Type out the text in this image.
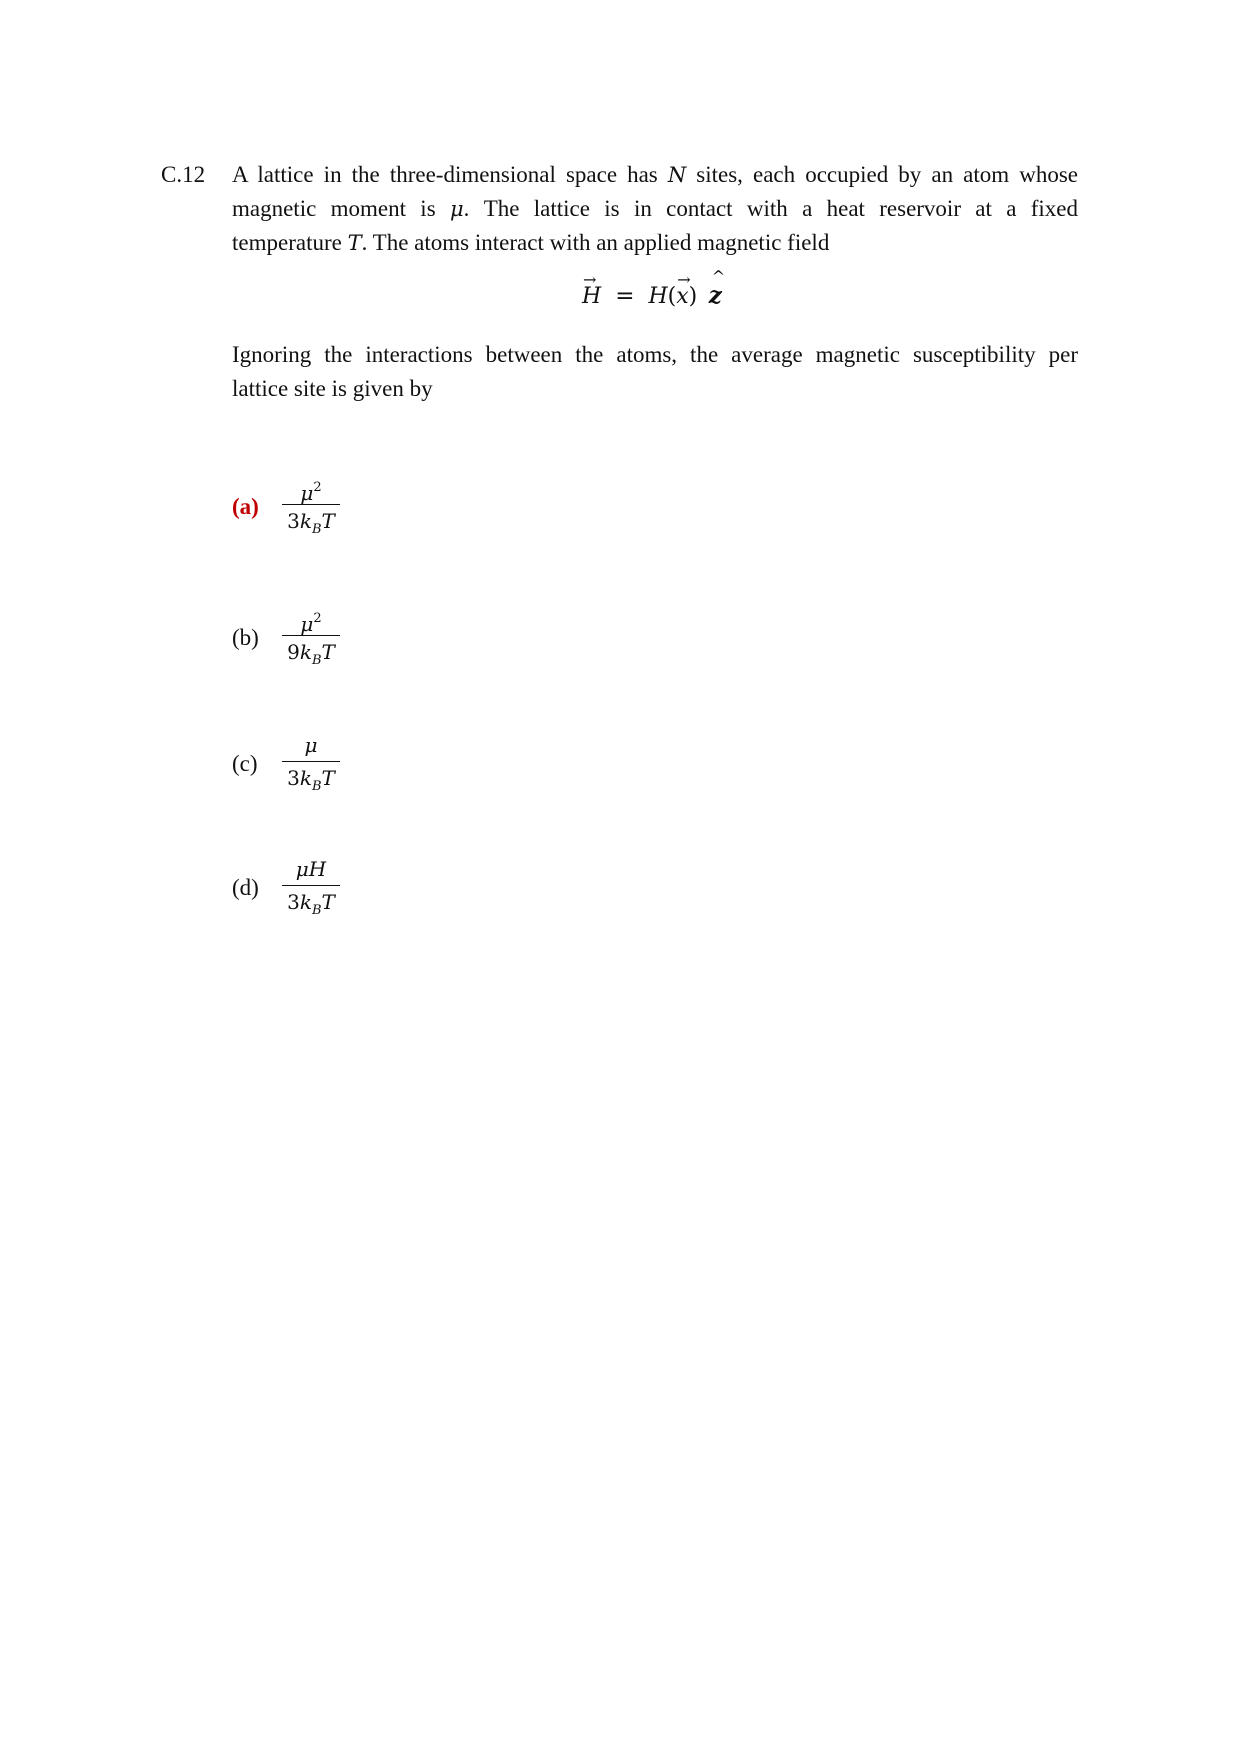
C.12 A lattice in the three-dimensional space has N sites, each occupied by an atom whose
magnetic moment is μ. The lattice is in contact with a heat reservoir at a fixed
temperature T. The atoms interact with an applied magnetic field
H
→
= H(x
→
) z
^
Ignoring the interactions between the atoms, the average magnetic susceptibility per
lattice site is given by
(a)
$\mu^2$
$3k_BT$
(b)
$\mu^2$
$9k_BT$
(c)
μ
$3k_BT$
(d)
μH
$3k_BT$
